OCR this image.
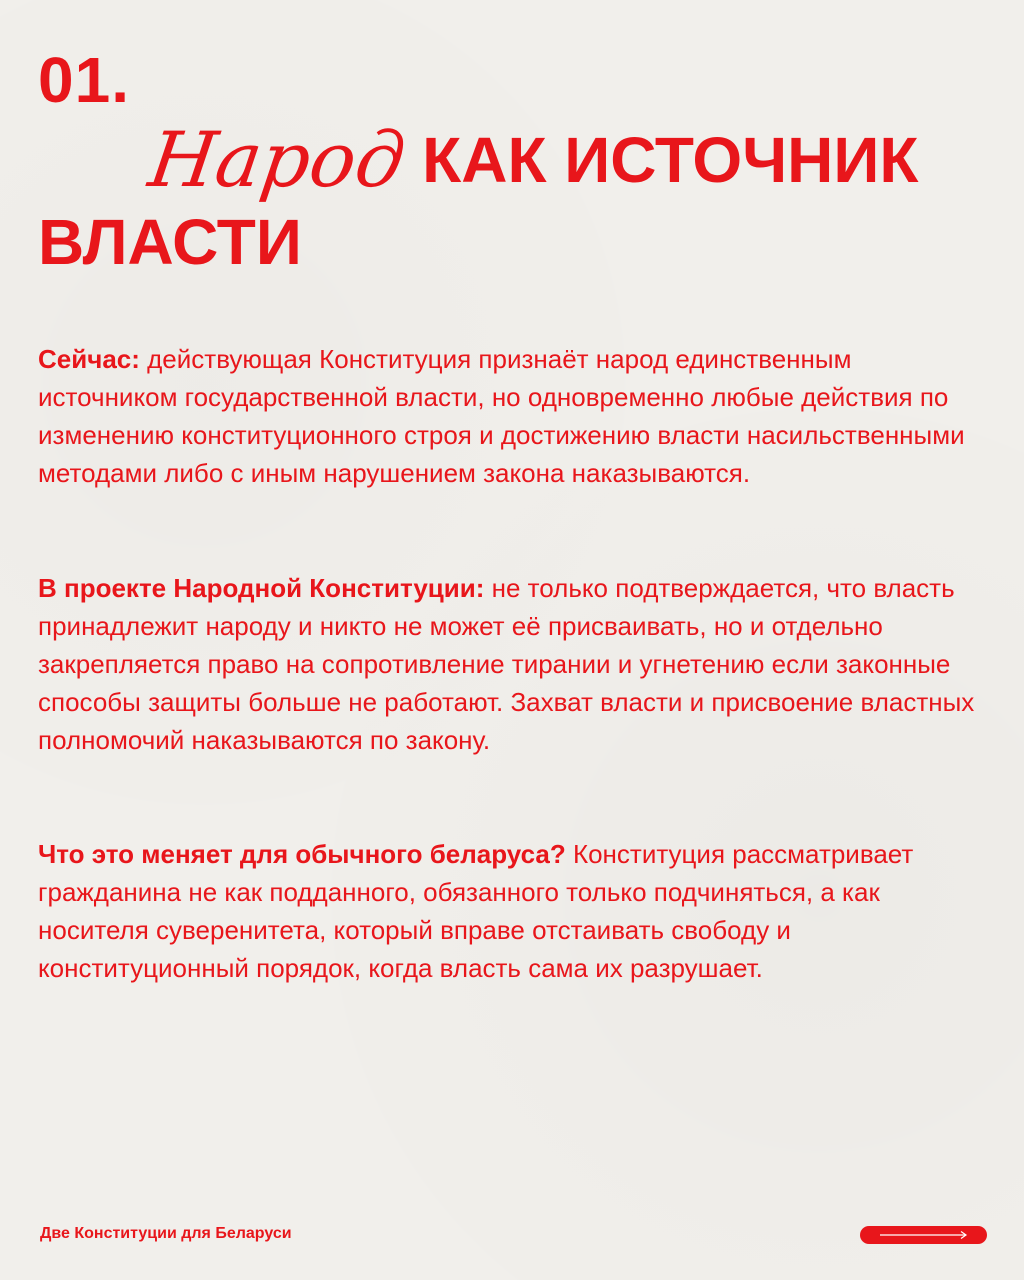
01.
Народ КАК ИСТОЧНИК
ВЛАСТИ
Сейчас: действующая Конституция признаёт народ единственным источником государственной власти, но одновременно любые действия по изменению конституционного строя и достижению власти насильственными методами либо с иным нарушением закона наказываются.
В проекте Народной Конституции: не только подтверждается, что власть принадлежит народу и никто не может её присваивать, но и отдельно закрепляется право на сопротивление тирании и угнетению если законные способы защиты больше не работают. Захват власти и присвоение властных полномочий наказываются по закону.
Что это меняет для обычного беларуса? Конституция рассматривает гражданина не как подданного, обязанного только подчиняться, а как носителя суверенитета, который вправе отстаивать свободу и конституционный порядок, когда власть сама их разрушает.
Две Конституции для Беларуси
